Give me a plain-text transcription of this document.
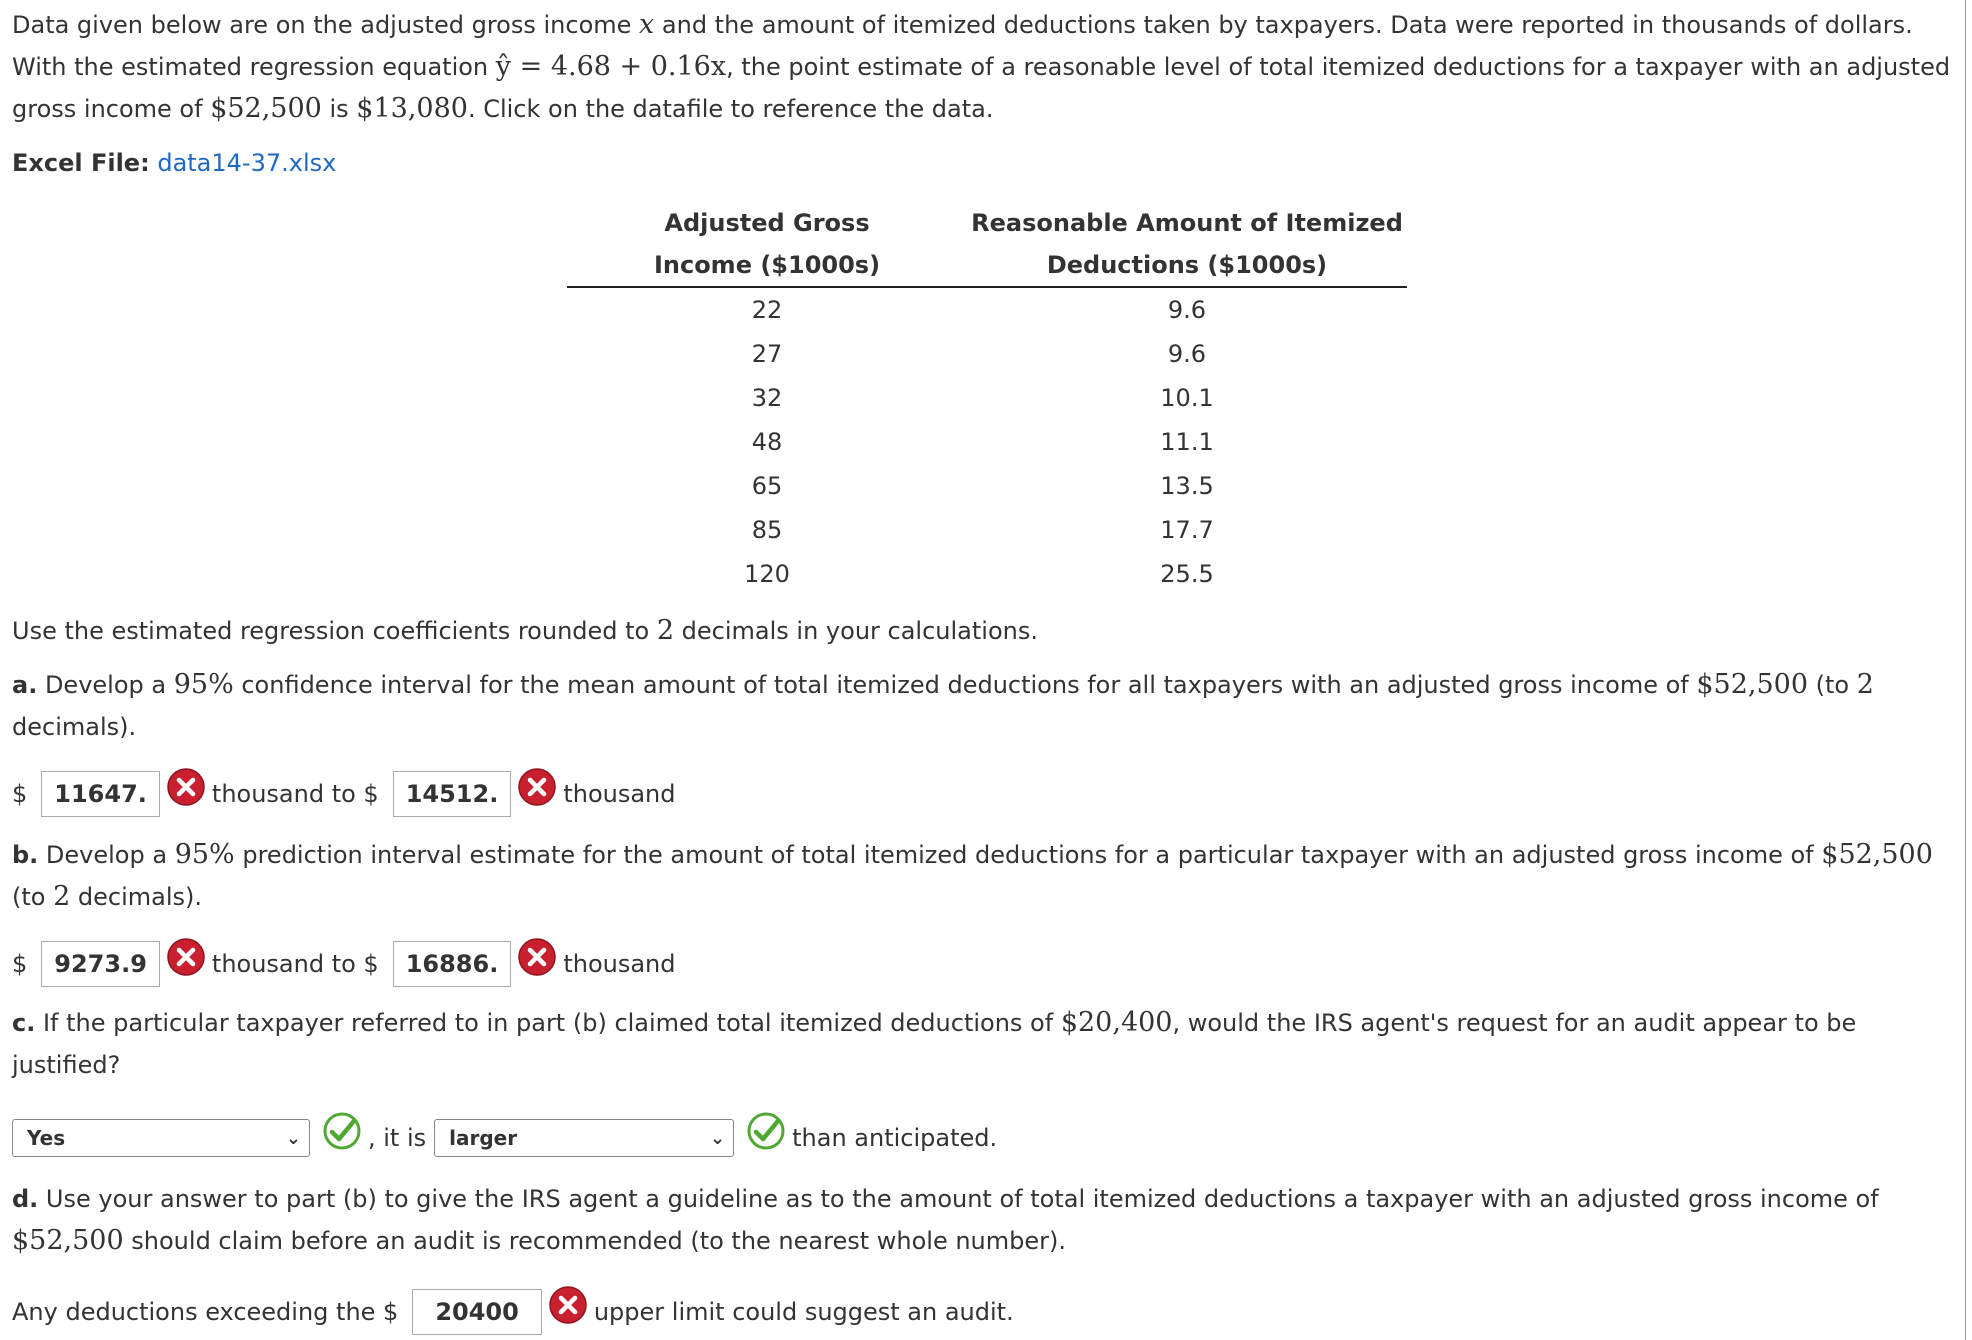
Data given below are on the adjusted gross income x and the amount of itemized deductions taken by taxpayers. Data were reported in thousands of dollars. With the estimated regression equation ŷ = 4.68 + 0.16x, the point estimate of a reasonable level of total itemized deductions for a taxpayer with an adjusted gross income of $52,500 is $13,080. Click on the datafile to reference the data.

Excel File: data14-37.xlsx

Adjusted Gross	Reasonable Amount of Itemized
Income ($1000s)	Deductions ($1000s)
22	9.6
27	9.6
32	10.1
48	11.1
65	13.5
85	17.7
120	25.5

Use the estimated regression coefficients rounded to 2 decimals in your calculations.

a. Develop a 95% confidence interval for the mean amount of total itemized deductions for all taxpayers with an adjusted gross income of $52,500 (to 2 decimals).

$	11647.	thousand to $	14512.	thousand

b. Develop a 95% prediction interval estimate for the amount of total itemized deductions for a particular taxpayer with an adjusted gross income of $52,500 (to 2 decimals).

$	9273.9	thousand to $	16886.	thousand

c. If the particular taxpayer referred to in part (b) claimed total itemized deductions of $20,400, would the IRS agent's request for an audit appear to be justified?

Yes	⌄	, it is larger	⌄	than anticipated.

d. Use your answer to part (b) to give the IRS agent a guideline as to the amount of total itemized deductions a taxpayer with an adjusted gross income of $52,500 should claim before an audit is recommended (to the nearest whole number).

Any deductions exceeding the $	20400	upper limit could suggest an audit.
